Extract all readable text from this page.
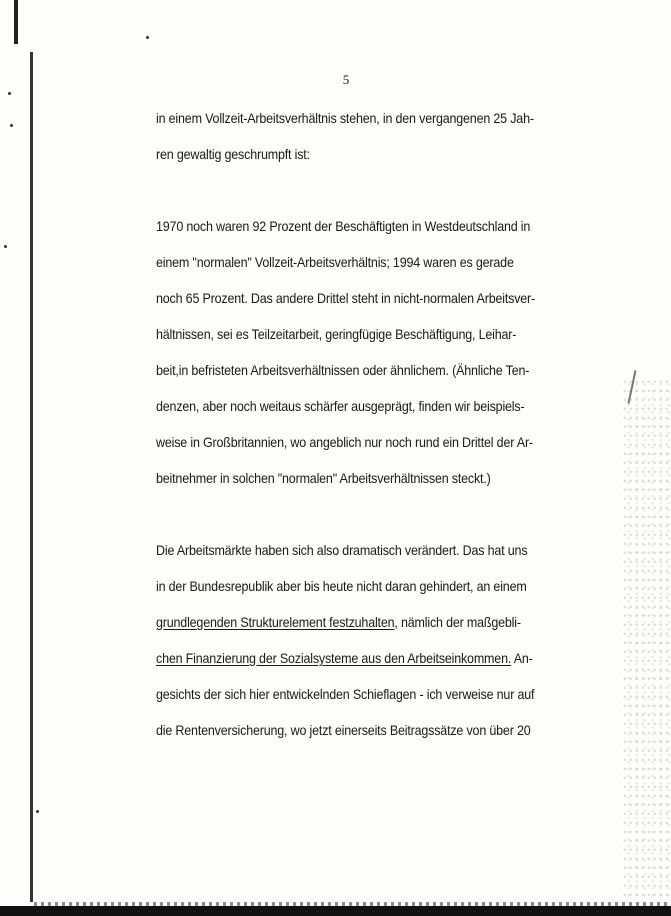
5
in einem Vollzeit-Arbeitsverhältnis stehen, in den vergangenen 25 Jah-
ren gewaltig geschrumpft ist:
1970 noch waren 92 Prozent der Beschäftigten in Westdeutschland in
einem "normalen" Vollzeit-Arbeitsverhältnis; 1994 waren es gerade
noch 65 Prozent. Das andere Drittel steht in nicht-normalen Arbeitsver-
hältnissen, sei es Teilzeitarbeit, geringfügige Beschäftigung, Leihar-
beit,in befristeten Arbeitsverhältnissen oder ähnlichem. (Ähnliche Ten-
denzen, aber noch weitaus schärfer ausgeprägt, finden wir beispiels-
weise in Großbritannien, wo angeblich nur noch rund ein Drittel der Ar-
beitnehmer in solchen "normalen" Arbeitsverhältnissen steckt.)
Die Arbeitsmärkte haben sich also dramatisch verändert. Das hat uns
in der Bundesrepublik aber bis heute nicht daran gehindert, an einem
grundlegenden Strukturelement festzuhalten, nämlich der maßgebli-
chen Finanzierung der Sozialsysteme aus den Arbeitseinkommen. An-
gesichts der sich hier entwickelnden Schieflagen - ich verweise nur auf
die Rentenversicherung, wo jetzt einerseits Beitragssätze von über 20
